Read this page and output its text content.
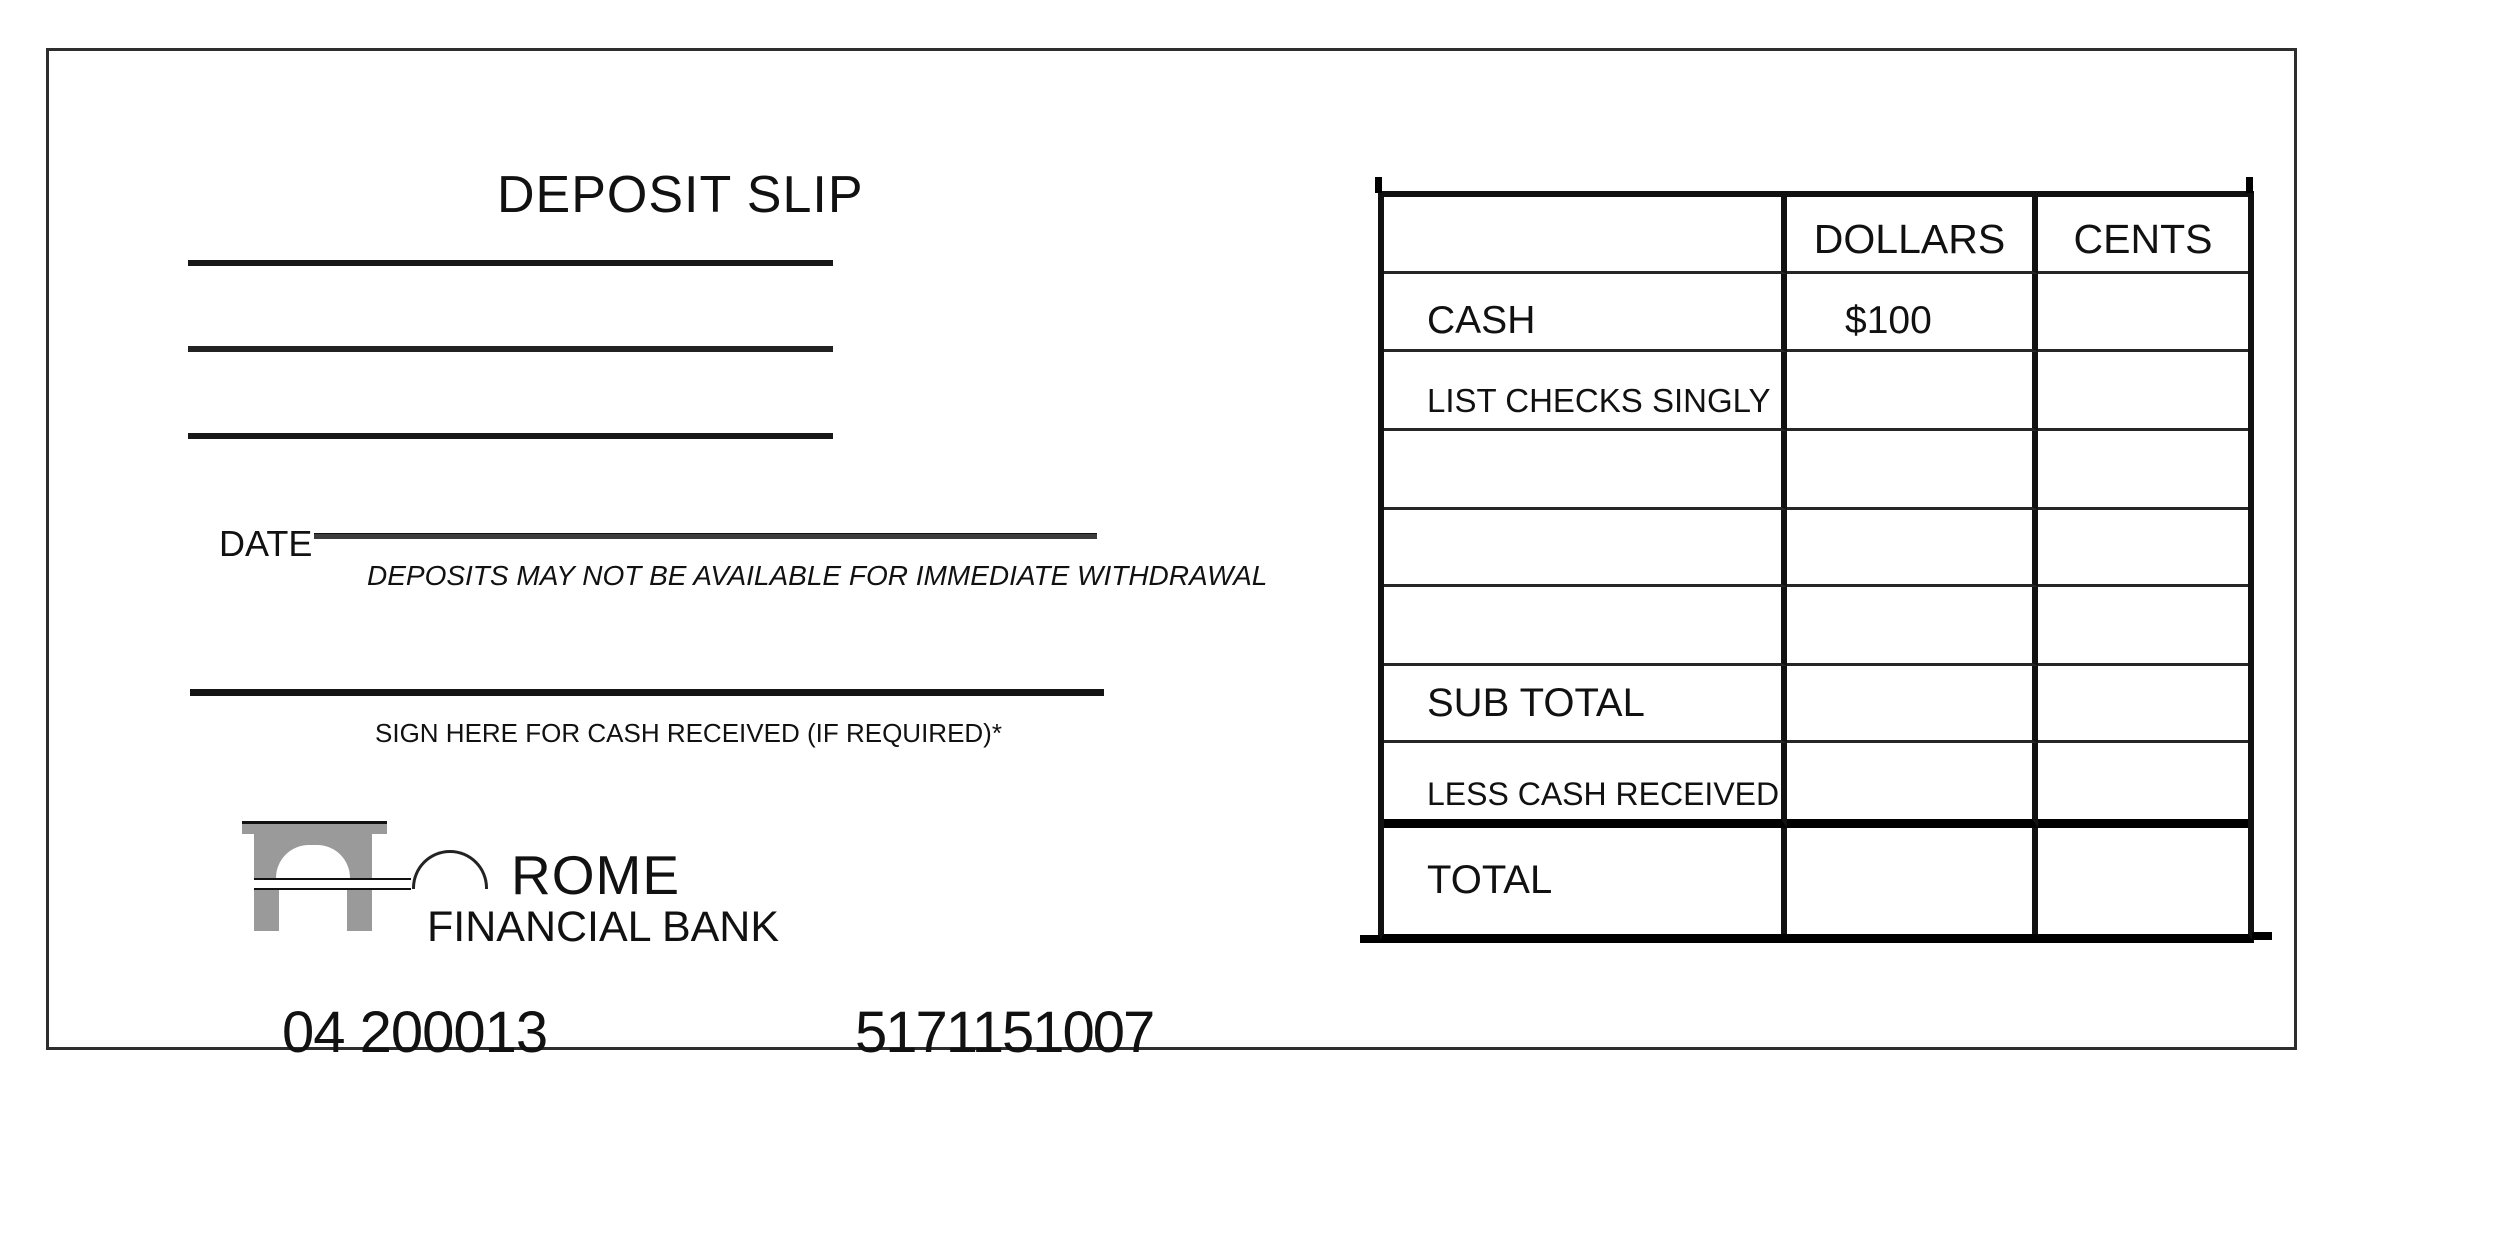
DEPOSIT SLIP
DATE
DEPOSITS MAY NOT BE AVAILABLE FOR IMMEDIATE WITHDRAWAL
SIGN HERE FOR CASH RECEIVED (IF REQUIRED)*
ROME
FINANCIAL BANK
04 200013	5171151007
DOLLARS CENTS
CASH	$100
LIST CHECKS SINGLY
SUB TOTAL
LESS CASH RECEIVED
TOTAL
